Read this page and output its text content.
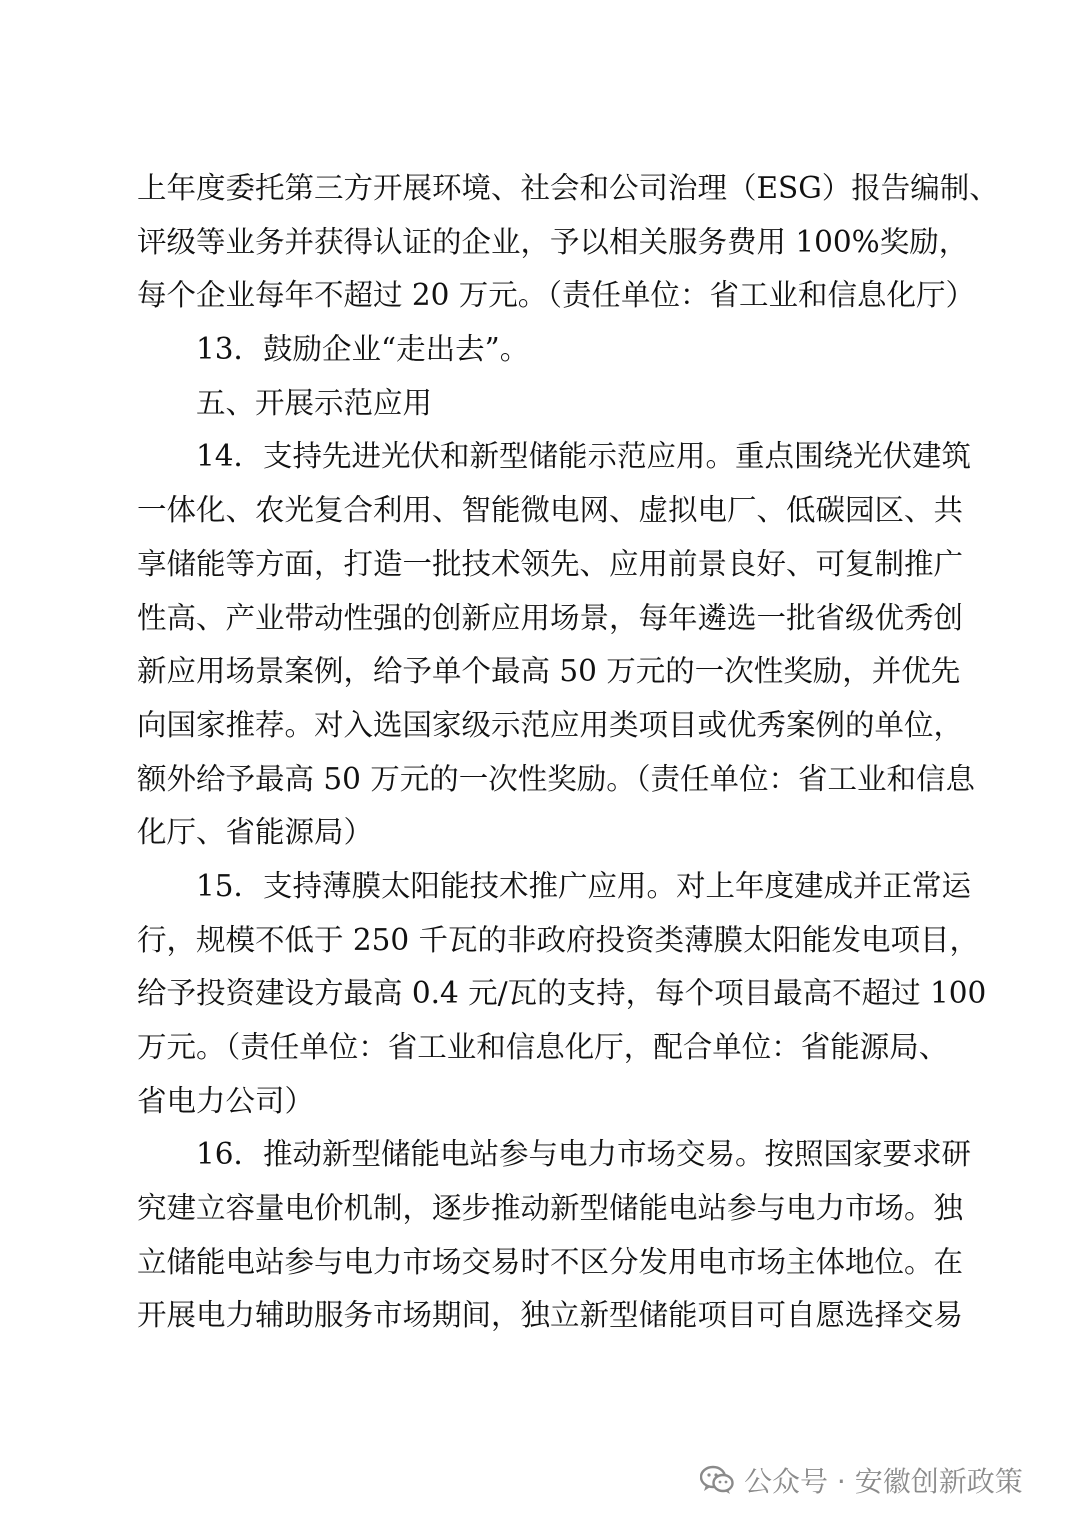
上年度委托第三方开展环境、社会和公司治理（ESG）报告编制、
评级等业务并获得认证的企业，予以相关服务费用 100%奖励，
每个企业每年不超过 20 万元。（责任单位：省工业和信息化厅）
13．鼓励企业“走出去”。
五、开展示范应用
14．支持先进光伏和新型储能示范应用。重点围绕光伏建筑
一体化、农光复合利用、智能微电网、虚拟电厂、低碳园区、共
享储能等方面，打造一批技术领先、应用前景良好、可复制推广
性高、产业带动性强的创新应用场景，每年遴选一批省级优秀创
新应用场景案例，给予单个最高 50 万元的一次性奖励，并优先
向国家推荐。对入选国家级示范应用类项目或优秀案例的单位，
额外给予最高 50 万元的一次性奖励。（责任单位：省工业和信息
化厅、省能源局）
15．支持薄膜太阳能技术推广应用。对上年度建成并正常运
行，规模不低于 250 千瓦的非政府投资类薄膜太阳能发电项目，
给予投资建设方最高 0.4 元/瓦的支持，每个项目最高不超过 100
万元。（责任单位：省工业和信息化厅，配合单位：省能源局、
省电力公司）
16．推动新型储能电站参与电力市场交易。按照国家要求研
究建立容量电价机制，逐步推动新型储能电站参与电力市场。独
立储能电站参与电力市场交易时不区分发用电市场主体地位。在
开展电力辅助服务市场期间，独立新型储能项目可自愿选择交易
公众号 · 安徽创新政策
